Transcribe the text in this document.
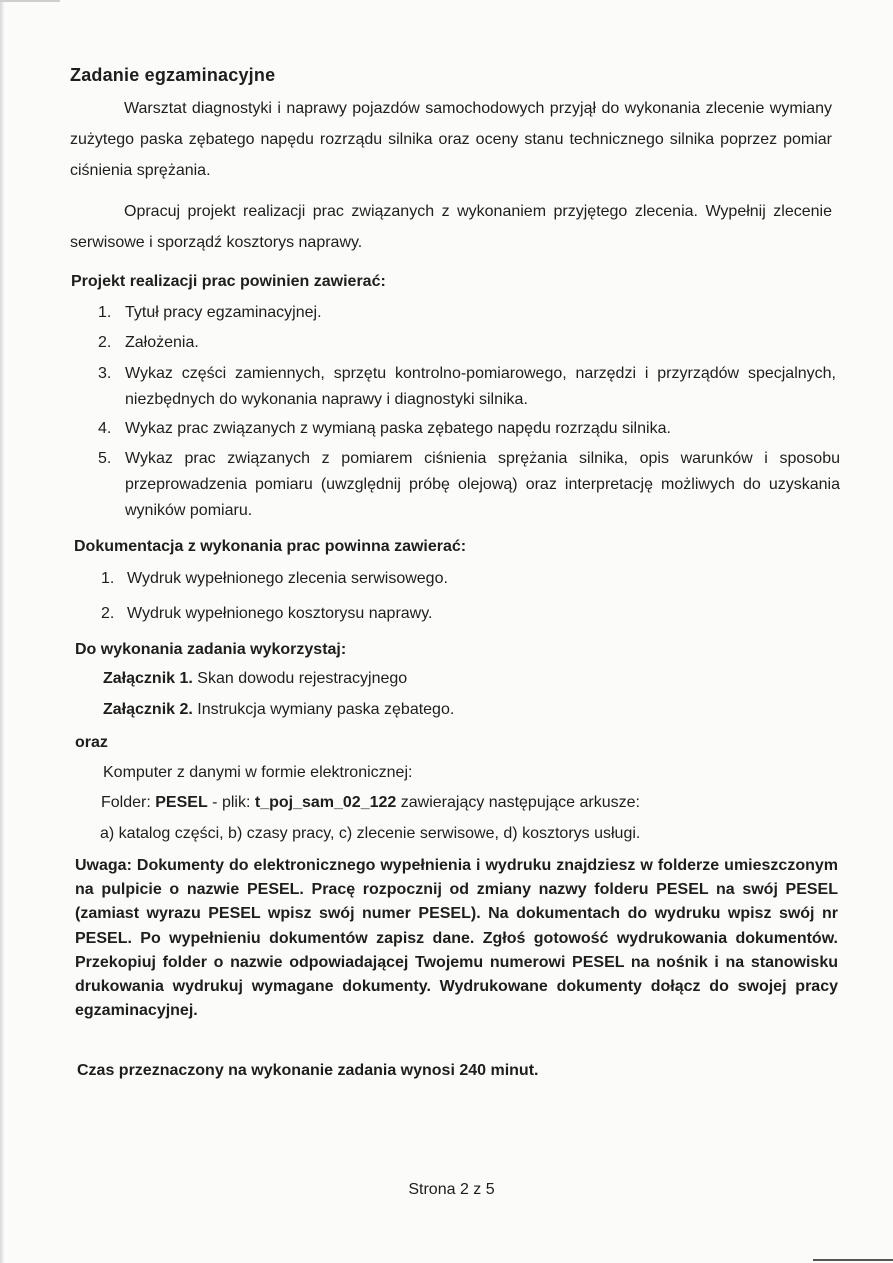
Zadanie egzaminacyjne

Warsztat diagnostyki i naprawy pojazdów samochodowych przyjął do wykonania zlecenie wymiany zużytego paska zębatego napędu rozrządu silnika oraz oceny stanu technicznego silnika poprzez pomiar ciśnienia sprężania.

Opracuj projekt realizacji prac związanych z wykonaniem przyjętego zlecenia. Wypełnij zlecenie serwisowe i sporządź kosztorys naprawy.

Projekt realizacji prac powinien zawierać:
1. Tytuł pracy egzaminacyjnej.
2. Założenia.
3. Wykaz części zamiennych, sprzętu kontrolno-pomiarowego, narzędzi i przyrządów specjalnych, niezbędnych do wykonania naprawy i diagnostyki silnika.
4. Wykaz prac związanych z wymianą paska zębatego napędu rozrządu silnika.
5. Wykaz prac związanych z pomiarem ciśnienia sprężania silnika, opis warunków i sposobu przeprowadzenia pomiaru (uwzględnij próbę olejową) oraz interpretację możliwych do uzyskania wyników pomiaru.
Dokumentacja z wykonania prac powinna zawierać:
1. Wydruk wypełnionego zlecenia serwisowego.
2. Wydruk wypełnionego kosztorysu naprawy.
Do wykonania zadania wykorzystaj:
Załącznik 1. Skan dowodu rejestracyjnego
Załącznik 2. Instrukcja wymiany paska zębatego.
oraz
Komputer z danymi w formie elektronicznej:
Folder: PESEL - plik: t_poj_sam_02_122 zawierający następujące arkusze:
a) katalog części, b) czasy pracy, c) zlecenie serwisowe, d) kosztorys usługi.

Uwaga: Dokumenty do elektronicznego wypełnienia i wydruku znajdziesz w folderze umieszczonym na pulpicie o nazwie PESEL. Pracę rozpocznij od zmiany nazwy folderu PESEL na swój PESEL (zamiast wyrazu PESEL wpisz swój numer PESEL). Na dokumentach do wydruku wpisz swój nr PESEL. Po wypełnieniu dokumentów zapisz dane. Zgłoś gotowość wydrukowania dokumentów. Przekopiuj folder o nazwie odpowiadającej Twojemu numerowi PESEL na nośnik i na stanowisku drukowania wydrukuj wymagane dokumenty. Wydrukowane dokumenty dołącz do swojej pracy egzaminacyjnej.

Czas przeznaczony na wykonanie zadania wynosi 240 minut.
Strona 2 z 5
